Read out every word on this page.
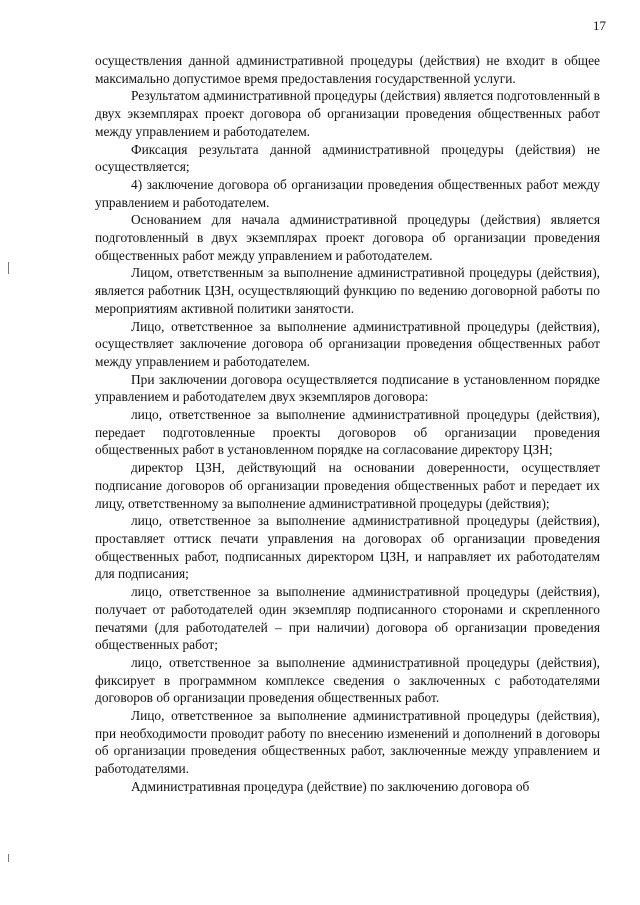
17

осуществления данной административной процедуры (действия) не входит в общее максимально допустимое время предоставления государственной услуги.

Результатом административной процедуры (действия) является подготовленный в двух экземплярах проект договора об организации проведения общественных работ между управлением и работодателем.

Фиксация результата данной административной процедуры (действия) не осуществляется;

4) заключение договора об организации проведения общественных работ между управлением и работодателем.

Основанием для начала административной процедуры (действия) является подготовленный в двух экземплярах проект договора об организации проведения общественных работ между управлением и работодателем.

Лицом, ответственным за выполнение административной процедуры (действия), является работник ЦЗН, осуществляющий функцию по ведению договорной работы по мероприятиям активной политики занятости.

Лицо, ответственное за выполнение административной процедуры (действия), осуществляет заключение договора об организации проведения общественных работ между управлением и работодателем.

При заключении договора осуществляется подписание в установленном порядке управлением и работодателем двух экземпляров договора:

лицо, ответственное за выполнение административной процедуры (действия), передает подготовленные проекты договоров об организации проведения общественных работ в установленном порядке на согласование директору ЦЗН;

директор ЦЗН, действующий на основании доверенности, осуществляет подписание договоров об организации проведения общественных работ и передает их лицу, ответственному за выполнение административной процедуры (действия);

лицо, ответственное за выполнение административной процедуры (действия), проставляет оттиск печати управления на договорах об организации проведения общественных работ, подписанных директором ЦЗН, и направляет их работодателям для подписания;

лицо, ответственное за выполнение административной процедуры (действия), получает от работодателей один экземпляр подписанного сторонами и скрепленного печатями (для работодателей – при наличии) договора об организации проведения общественных работ;

лицо, ответственное за выполнение административной процедуры (действия), фиксирует в программном комплексе сведения о заключенных с работодателями договоров об организации проведения общественных работ.

Лицо, ответственное за выполнение административной процедуры (действия), при необходимости проводит работу по внесению изменений и дополнений в договоры об организации проведения общественных работ, заключенные между управлением и работодателями.

Административная процедура (действие) по заключению договора об
